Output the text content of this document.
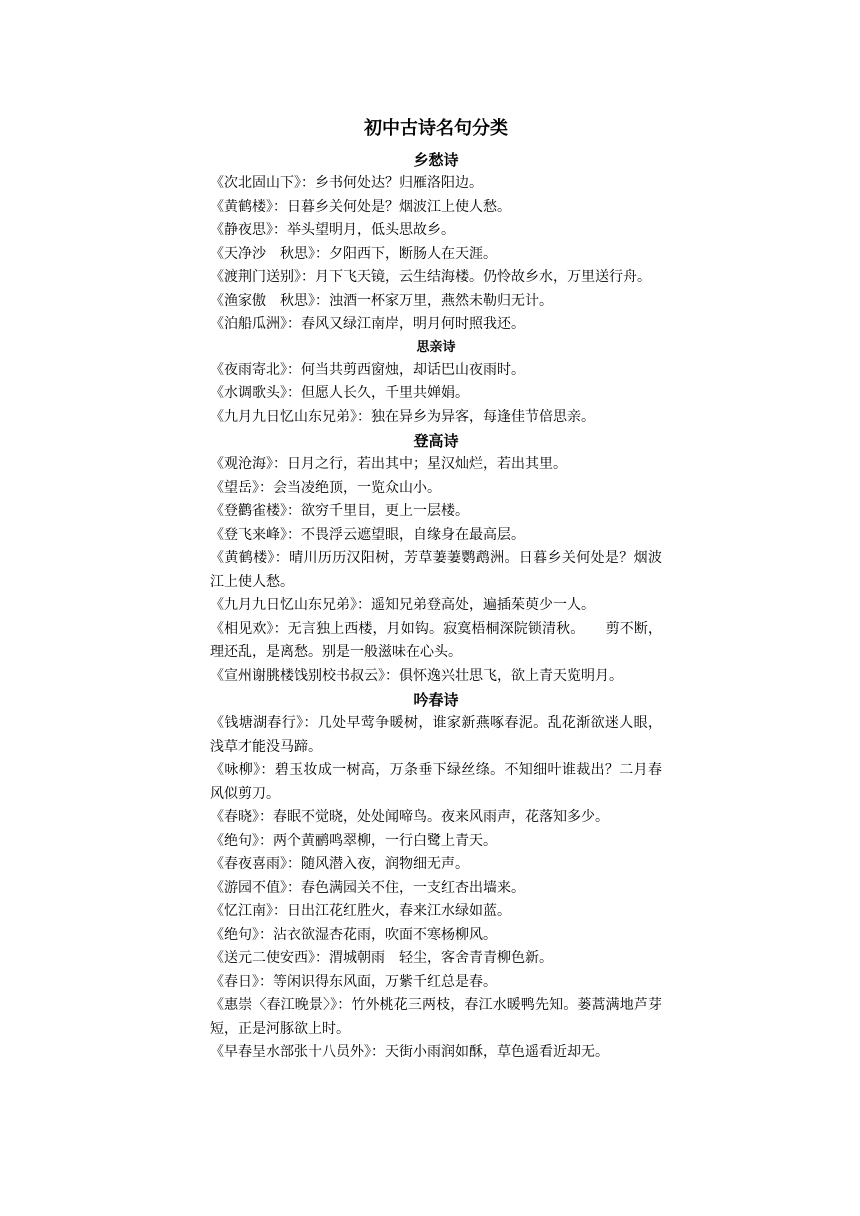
初中古诗名句分类
乡愁诗
《次北固山下》：乡书何处达？归雁洛阳边。
《黄鹤楼》：日暮乡关何处是？烟波江上使人愁。
《静夜思》：举头望明月，低头思故乡。
《天净沙　秋思》：夕阳西下，断肠人在天涯。
《渡荆门送别》：月下飞天镜，云生结海楼。仍怜故乡水，万里送行舟。
《渔家傲　秋思》：浊酒一杯家万里，燕然未勒归无计。
《泊船瓜洲》：春风又绿江南岸，明月何时照我还。
思亲诗
《夜雨寄北》：何当共剪西窗烛，却话巴山夜雨时。
《水调歌头》：但愿人长久，千里共婵娟。
《九月九日忆山东兄弟》：独在异乡为异客，每逢佳节倍思亲。
登高诗
《观沧海》：日月之行，若出其中；星汉灿烂，若出其里。
《望岳》：会当凌绝顶，一览众山小。
《登鹳雀楼》：欲穷千里目，更上一层楼。
《登飞来峰》：不畏浮云遮望眼，自缘身在最高层。
《黄鹤楼》：晴川历历汉阳树，芳草萋萋鹦鹉洲。日暮乡关何处是？烟波江上使人愁。
《九月九日忆山东兄弟》：遥知兄弟登高处，遍插茱萸少一人。
《相见欢》：无言独上西楼，月如钩。寂寞梧桐深院锁清秋。　　剪不断，理还乱，是离愁。别是一般滋味在心头。
《宣州谢朓楼饯别校书叔云》：俱怀逸兴壮思飞，欲上青天览明月。
吟春诗
《钱塘湖春行》：几处早莺争暖树，谁家新燕啄春泥。乱花渐欲迷人眼，浅草才能没马蹄。
《咏柳》：碧玉妆成一树高，万条垂下绿丝绦。不知细叶谁裁出？二月春风似剪刀。
《春晓》：春眠不觉晓，处处闻啼鸟。夜来风雨声，花落知多少。
《绝句》：两个黄鹂鸣翠柳，一行白鹭上青天。
《春夜喜雨》：随风潜入夜，润物细无声。
《游园不值》：春色满园关不住，一支红杏出墙来。
《忆江南》：日出江花红胜火，春来江水绿如蓝。
《绝句》：沾衣欲湿杏花雨，吹面不寒杨柳风。
《送元二使安西》：渭城朝雨　轻尘，客舍青青柳色新。
《春日》：等闲识得东风面，万紫千红总是春。
《惠崇〈春江晚景〉》：竹外桃花三两枝，春江水暖鸭先知。蒌蒿满地芦芽短，正是河豚欲上时。
《早春呈水部张十八员外》：天街小雨润如酥，草色遥看近却无。
